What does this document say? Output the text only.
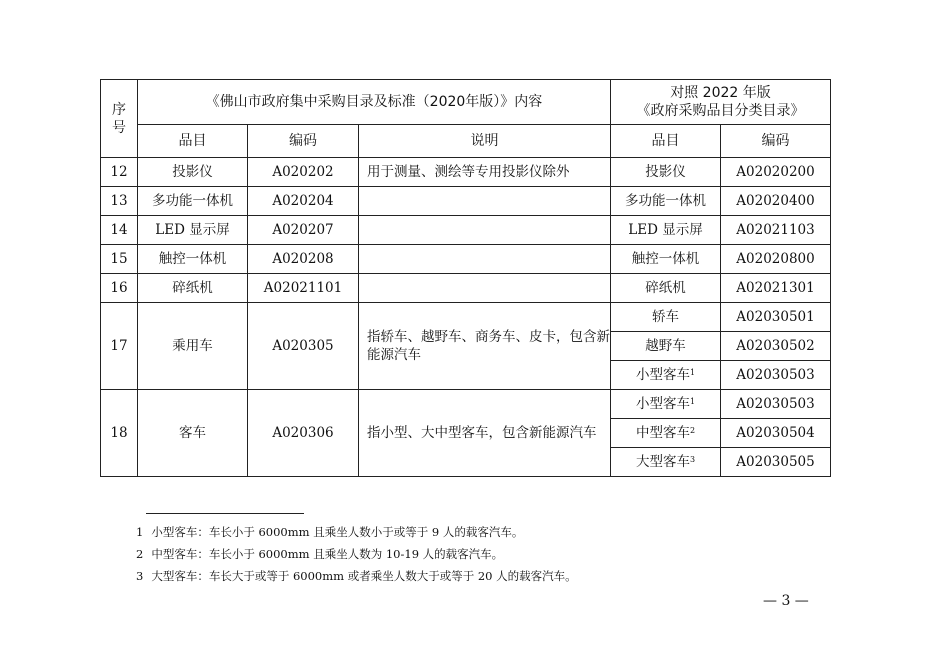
序号	《佛山市政府集中采购目录及标准（2020年版）》内容			对照 2022 年版
《政府采购品目分类目录》	

	品目	编码	说明	品目	编码
12	投影仪	A020202	用于测量、测绘等专用投影仪除外	投影仪	A02020200
13	多功能一体机	A020204		多功能一体机	A02020400
14	LED 显示屏	A020207		LED 显示屏	A02021103
15	触控一体机	A020208		触控一体机	A02020800
16	碎纸机	A02021101		碎纸机	A02021301
17	乘用车	A020305	指轿车、越野车、商务车、皮卡，包含新能源汽车	轿车	A02030501
				越野车	A02030502
				小型客车$^1$	A02030503
18	客车	A020306	指小型、大中型客车，包含新能源汽车	小型客车$^1$	A02030503
				中型客车$^2$	A02030504
				大型客车$^3$	A02030505
1 小型客车：车长小于 6000mm 且乘坐人数小于或等于 9 人的载客汽车。
2 中型客车：车长小于 6000mm 且乘坐人数为 10-19 人的载客汽车。
3 大型客车：车长大于或等于 6000mm 或者乘坐人数大于或等于 20 人的载客汽车。
— 3 —
